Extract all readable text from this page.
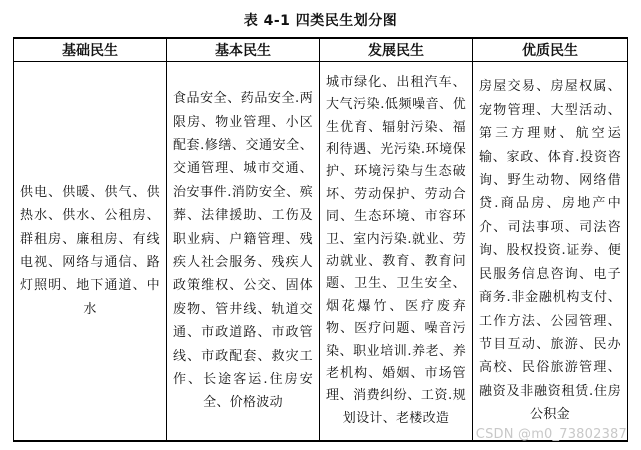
表 4-1 四类民生划分图
基础民生	基本民生	发展民生	优质民生

供电、供暖、供气、供热水、供水、公租房、群租房、廉租房、有线电视、网络与通信、路灯照明、地下通道、中水	食品安全、药品安全.两限房、物业管理、小区配套.修缮、交通安全、交通管理、城市交通、治安事件.消防安全、殡葬、法律援助、工伤及职业病、户籍管理、残疾人社会服务、残疾人政策维权、公交、固体废物、管井线、轨道交通、市政道路、市政管线、市政配套、救灾工作、长途客运.住房安全、价格波动	城市绿化、出租汽车、大气污染.低频噪音、优生优育、辐射污染、福利待遇、光污染.环境保护、环境污染与生态破坏、劳动保护、劳动合同、生态环境、市容环卫、室内污染.就业、劳动就业、教育、教育问题、卫生、卫生安全、烟花爆竹、医疗废弃物、医疗问题、噪音污染、职业培训.养老、养老机构、婚姻、市场管理、消费纠纷、工资.规划设计、老楼改造	房屋交易、房屋权属、宠物管理、大型活动、第三方理财、航空运输、家政、体育.投资咨询、野生动物、网络借贷.商品房、房地产中介、司法事项、司法咨询、股权投资.证券、便民服务信息咨询、电子商务.非金融机构支付、工作方法、公园管理、节目互动、旅游、民办高校、民俗旅游管理、融资及非融资租赁.住房公积金
CSDN @m0_73802387
